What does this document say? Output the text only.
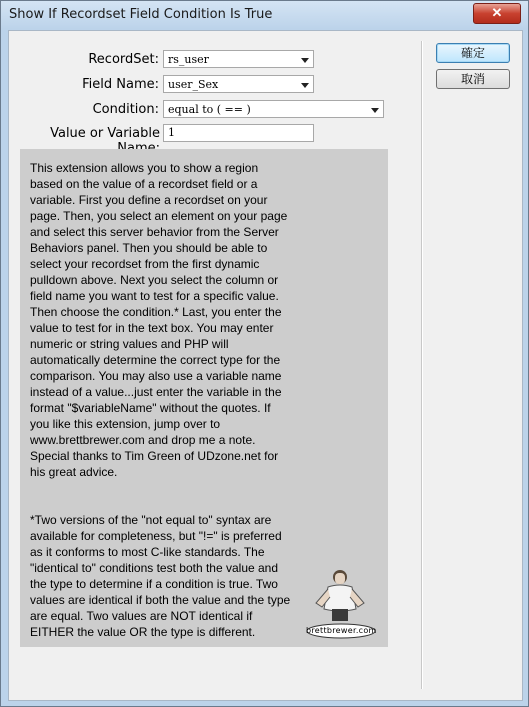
Show If Recordset Field Condition Is True	✕
RecordSet: rs_user
Field Name: user_Sex
Condition: equal to ( == )
Value or Variable 1

This extension allows you to show a region based on the value of a recordset field or a variable. First you define a recordset on your page. Then, you select an element on your page and select this server behavior from the Server Behaviors panel. Then you should be able to select your recordset from the first dynamic pulldown above. Next you select the column or field name you want to test for a specific value. Then choose the condition.* Last, you enter the value to test for in the text box. You may enter numeric or string values and PHP will automatically determine the correct type for the comparison. You may also use a variable name instead of a value...just enter the variable in the format "$variableName" without the quotes. If you like this extension, jump over to www.brettbrewer.com and drop me a note. Special thanks to Tim Green of UDzone.net for his great advice.

*Two versions of the "not equal to" syntax are available for completeness, but "!=" is preferred as it conforms to most C-like standards. The "identical to" conditions test both the value and the type to determine if a condition is true. Two values are identical if both the value and the type are equal. Two values are NOT identical if EITHER the value OR the type is different.	brettbrewer.com
確定
取消
